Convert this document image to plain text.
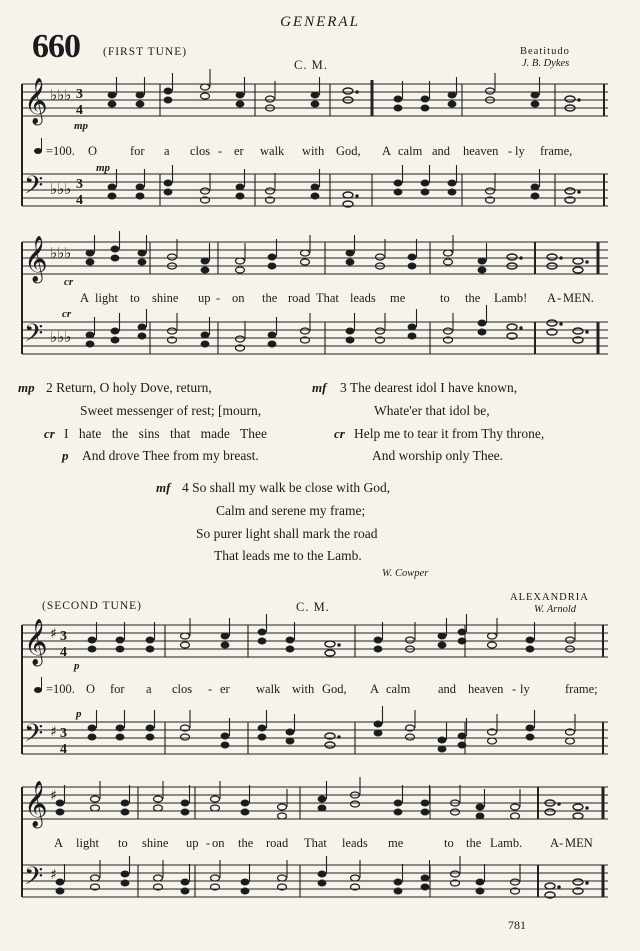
GENERAL
660 (FIRST TUNE)
C. M.
Beatitudo
J. B. Dykes
𝄞
𝄢
♭♭♭
♭♭♭
3
4
3
4
𝄞
𝄢
♭♭♭
♭♭♭
𝄞
𝄢
♯
♯
3
4
3
4
𝄞
𝄢
♯
♯
mp
mp
=100. O	for a clos - er walk with God, A calm and heaven - ly frame,
cr
cr
A light to shine up - on the road That leads me	to the Lamb! A - MEN.
mp 2 Return, O holy Dove, return,
Sweet messenger of rest; [mourn,
cr I hate the sins that made Thee
p And drove Thee from my breast.
mf 3 The dearest idol I have known,
Whate'er that idol be,
cr Help me to tear it from Thy throne,
And worship only Thee.
mf 4 So shall my walk be close with God,
Calm and serene my frame;
So purer light shall mark the road
That leads me to the Lamb.
W. Cowper
(SECOND TUNE)	C. M.
ALEXANDRIA
W. Arnold
p
p
=100. O for a clos - er walk with God, A calm and heaven - ly	frame;
A light to shine up - on the road That leads me	to the Lamb. A - MEN
781
